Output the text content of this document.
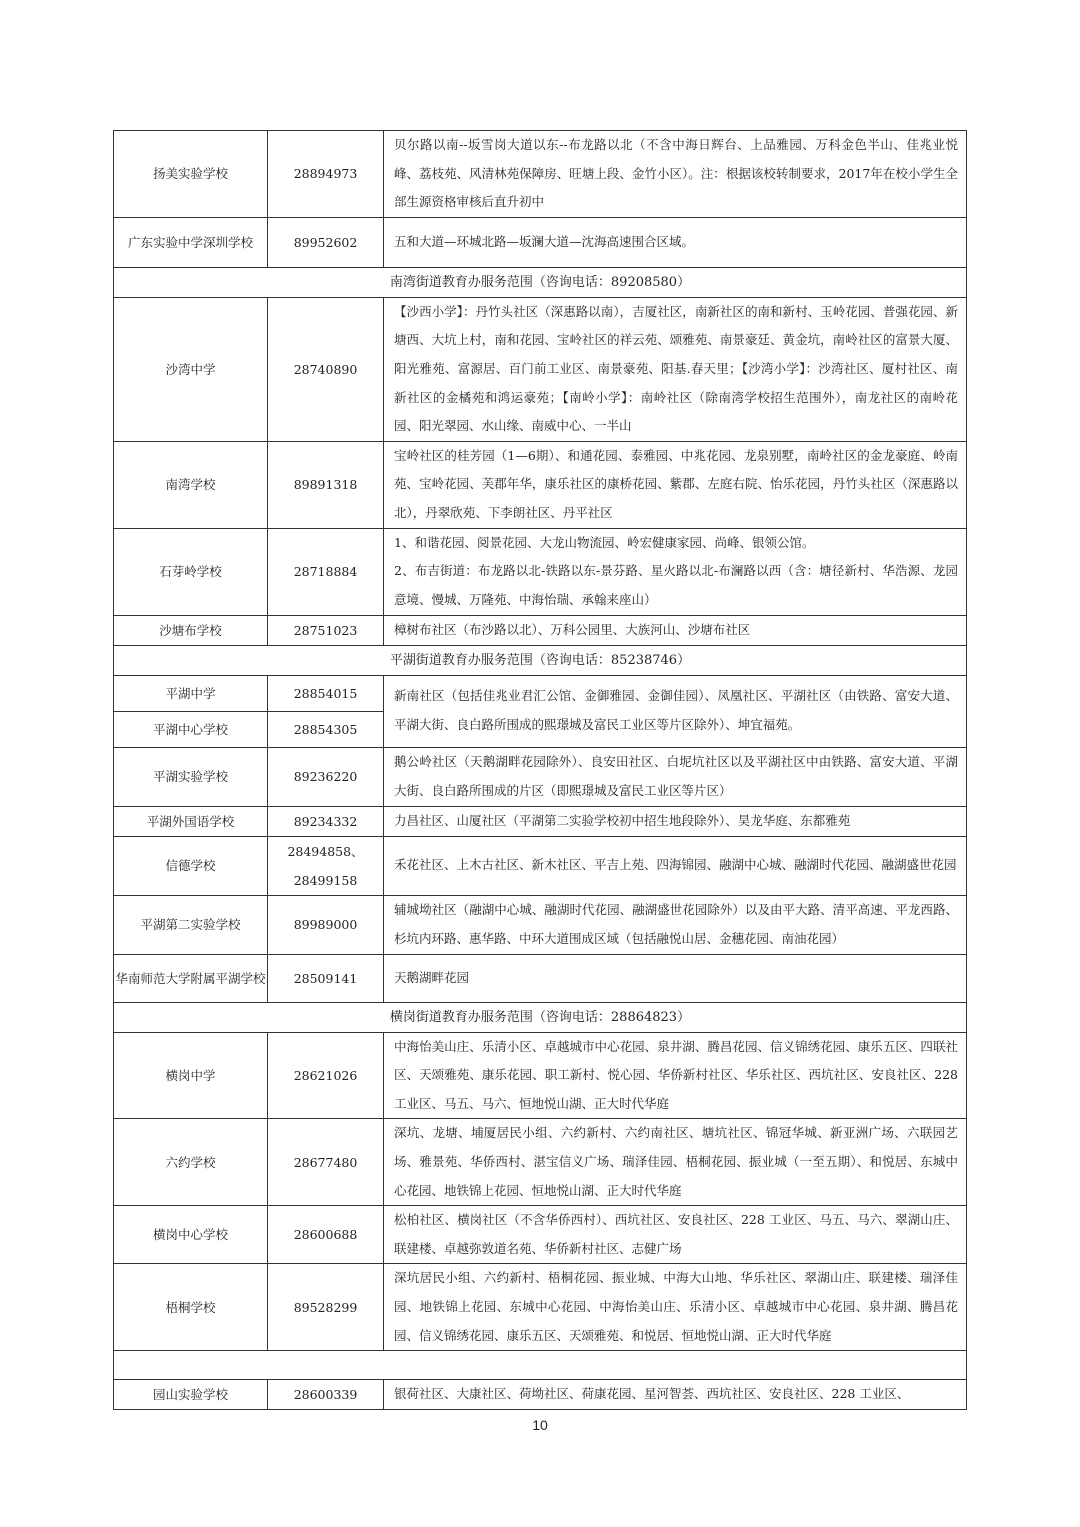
扬美实验学校	28894973	贝尔路以南--坂雪岗大道以东--布龙路以北（不含中海日辉台、上品雅园、万科金色半山、佳兆业悦峰、荔枝苑、风清林苑保障房、旺塘上段、金竹小区）。注：根据该校转制要求，2017年在校小学生全部生源资格审核后直升初中
广东实验中学深圳学校	89952602	五和大道—环城北路—坂澜大道—沈海高速围合区域。
南湾街道教育办服务范围（咨询电话：89208580）		
沙湾中学	28740890	【沙西小学】：丹竹头社区（深惠路以南），吉厦社区，南新社区的南和新村、玉岭花园、普强花园、新塘西、大坑上村，南和花园、宝岭社区的祥云苑、颂雅苑、南景豪廷、黄金坑，南岭社区的富景大厦、阳光雅苑、富源居、百门前工业区、南景豪苑、阳基.春天里；【沙湾小学】：沙湾社区、厦村社区、南新社区的金橘苑和鸿运豪苑；【南岭小学】：南岭社区（除南湾学校招生范围外），南龙社区的南岭花园、阳光翠园、水山缘、南威中心、一半山
南湾学校	89891318	宝岭社区的桂芳园（1—6期）、和通花园、泰雅园、中兆花园、龙泉别墅，南岭社区的金龙豪庭、岭南苑、宝岭花园、芙郡年华，康乐社区的康桥花园、紫郡、左庭右院、怡乐花园，丹竹头社区（深惠路以北），丹翠欣苑、下李朗社区、丹平社区
石芽岭学校	28718884	1、和谐花园、阅景花园、大龙山物流园、岭宏健康家园、尚峰、银领公馆。
2、布吉街道：布龙路以北-铁路以东-景芬路、星火路以北-布澜路以西（含：塘径新村、华浩源、龙园意境、慢城、万隆苑、中海怡瑞、承翰来座山）
沙塘布学校	28751023	樟树布社区（布沙路以北）、万科公园里、大族河山、沙塘布社区
平湖街道教育办服务范围（咨询电话：85238746）		
平湖中学	28854015	新南社区（包括佳兆业君汇公馆、金御雅园、金御佳园）、凤凰社区、平湖社区（由铁路、富安大道、平湖大街、良白路所围成的熙璟城及富民工业区等片区除外）、坤宜福苑。
平湖中心学校	28854305	
平湖实验学校	89236220	鹅公岭社区（天鹅湖畔花园除外）、良安田社区、白坭坑社区以及平湖社区中由铁路、富安大道、平湖大街、良白路所围成的片区（即熙璟城及富民工业区等片区）
平湖外国语学校	89234332	力昌社区、山厦社区（平湖第二实验学校初中招生地段除外）、昊龙华庭、东都雅苑
信德学校	28494858、28499158	禾花社区、上木古社区、新木社区、平吉上苑、四海锦园、融湖中心城、融湖时代花园、融湖盛世花园
平湖第二实验学校	89989000	辅城坳社区（融湖中心城、融湖时代花园、融湖盛世花园除外）以及由平大路、清平高速、平龙西路、杉坑内环路、惠华路、中环大道围成区域（包括融悦山居、金穗花园、南油花园）
华南师范大学附属平湖学校	28509141	天鹅湖畔花园
横岗街道教育办服务范围（咨询电话：28864823）		
横岗中学	28621026	中海怡美山庄、乐清小区、卓越城市中心花园、泉井湖、腾昌花园、信义锦绣花园、康乐五区、四联社区、天颂雅苑、康乐花园、职工新村、悦心园、华侨新村社区、华乐社区、西坑社区、安良社区、228 工业区、马五、马六、恒地悦山湖、正大时代华庭
六约学校	28677480	深坑、龙塘、埔厦居民小组、六约新村、六约南社区、塘坑社区、锦冠华城、新亚洲广场、六联园艺场、雅景苑、华侨西村、湛宝信义广场、瑞泽佳园、梧桐花园、振业城（一至五期）、和悦居、东城中心花园、地铁锦上花园、恒地悦山湖、正大时代华庭
横岗中心学校	28600688	松柏社区、横岗社区（不含华侨西村）、西坑社区、安良社区、228 工业区、马五、马六、翠湖山庄、联建楼、卓越弥敦道名苑、华侨新村社区、志健广场
梧桐学校	89528299	深坑居民小组、六约新村、梧桐花园、振业城、中海大山地、华乐社区、翠湖山庄、联建楼、瑞泽佳园、地铁锦上花园、东城中心花园、中海怡美山庄、乐清小区、卓越城市中心花园、泉井湖、腾昌花园、信义锦绣花园、康乐五区、天颂雅苑、和悦居、恒地悦山湖、正大时代华庭

园山实验学校	28600339	银荷社区、大康社区、荷坳社区、荷康花园、星河智荟、西坑社区、安良社区、228 工业区、
10
